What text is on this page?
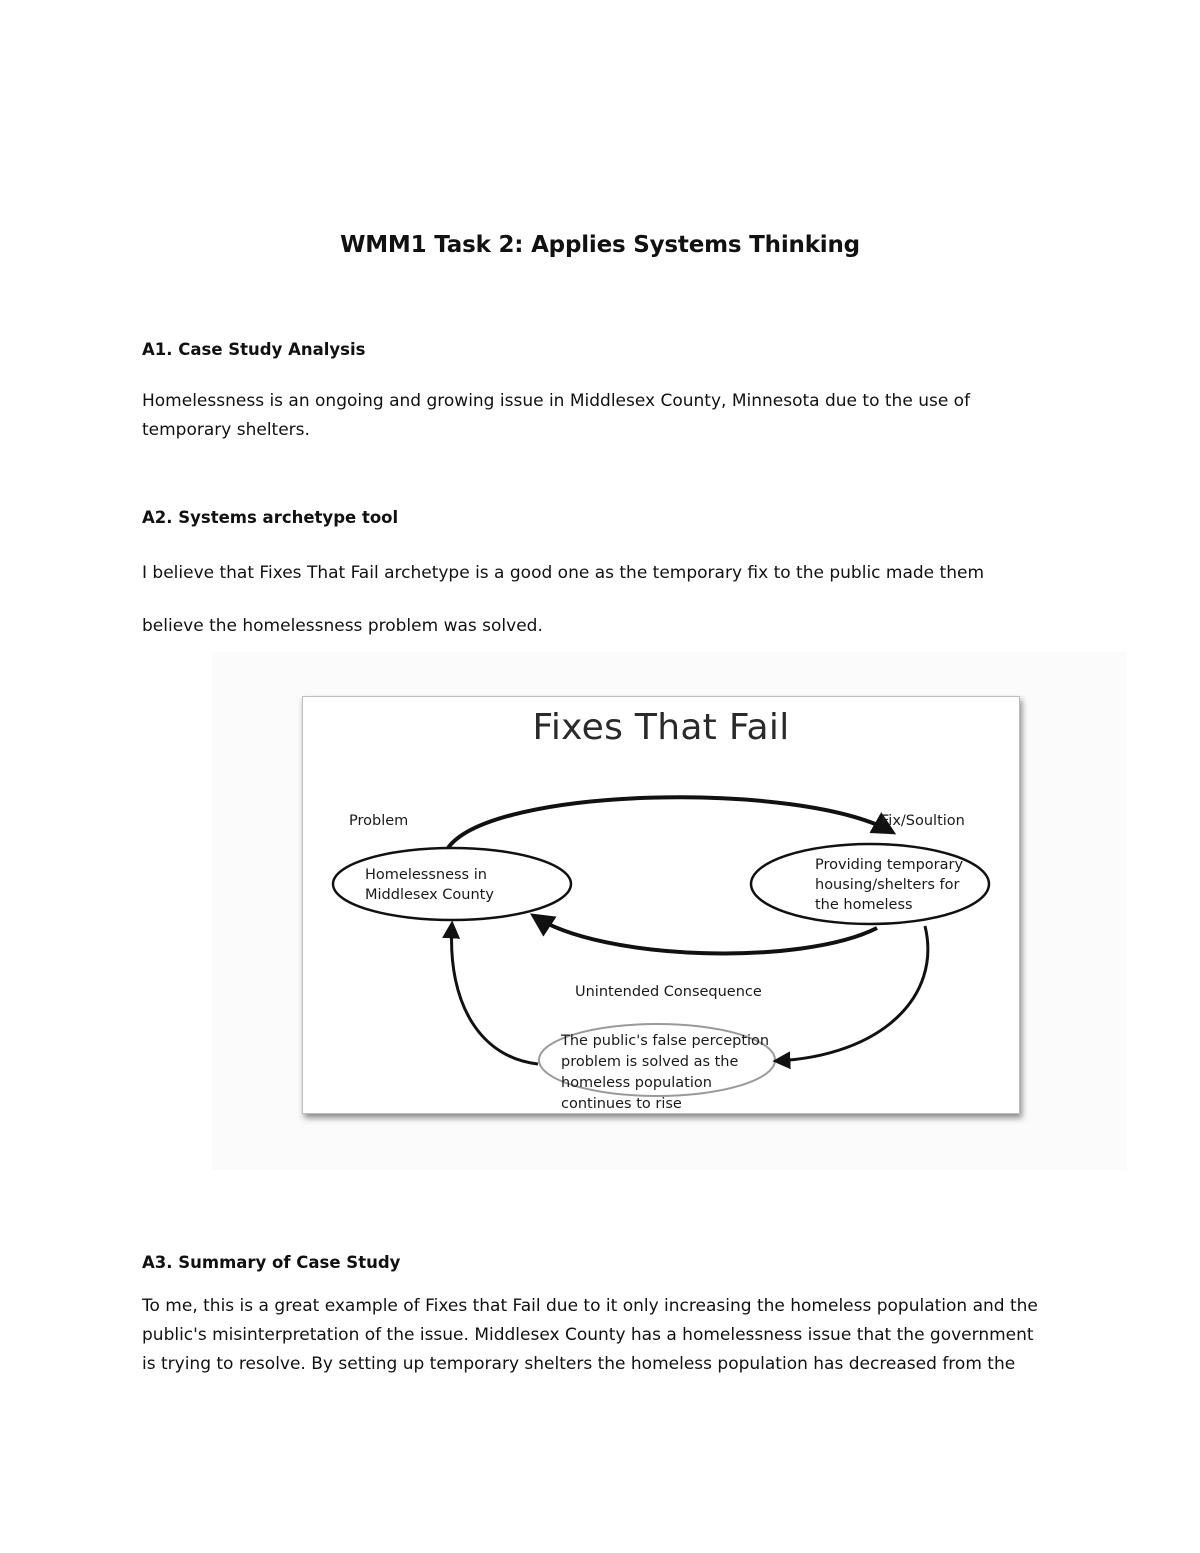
WMM1 Task 2: Applies Systems Thinking
A1. Case Study Analysis

Homelessness is an ongoing and growing issue in Middlesex County, Minnesota due to the use of
temporary shelters.

A2. Systems archetype tool

I believe that Fixes That Fail archetype is a good one as the temporary fix to the public made them
believe the homelessness problem was solved.

Fixes That Fail
Problem	Fix/Soultion
Homelessness in
Middlesex County
Providing temporary
housing/shelters for
the homeless
Unintended Consequence
The public's false perception
problem is solved as the
homeless population
continues to rise
A3. Summary of Case Study

To me, this is a great example of Fixes that Fail due to it only increasing the homeless population and the
public's misinterpretation of the issue. Middlesex County has a homelessness issue that the government
is trying to resolve. By setting up temporary shelters the homeless population has decreased from the
